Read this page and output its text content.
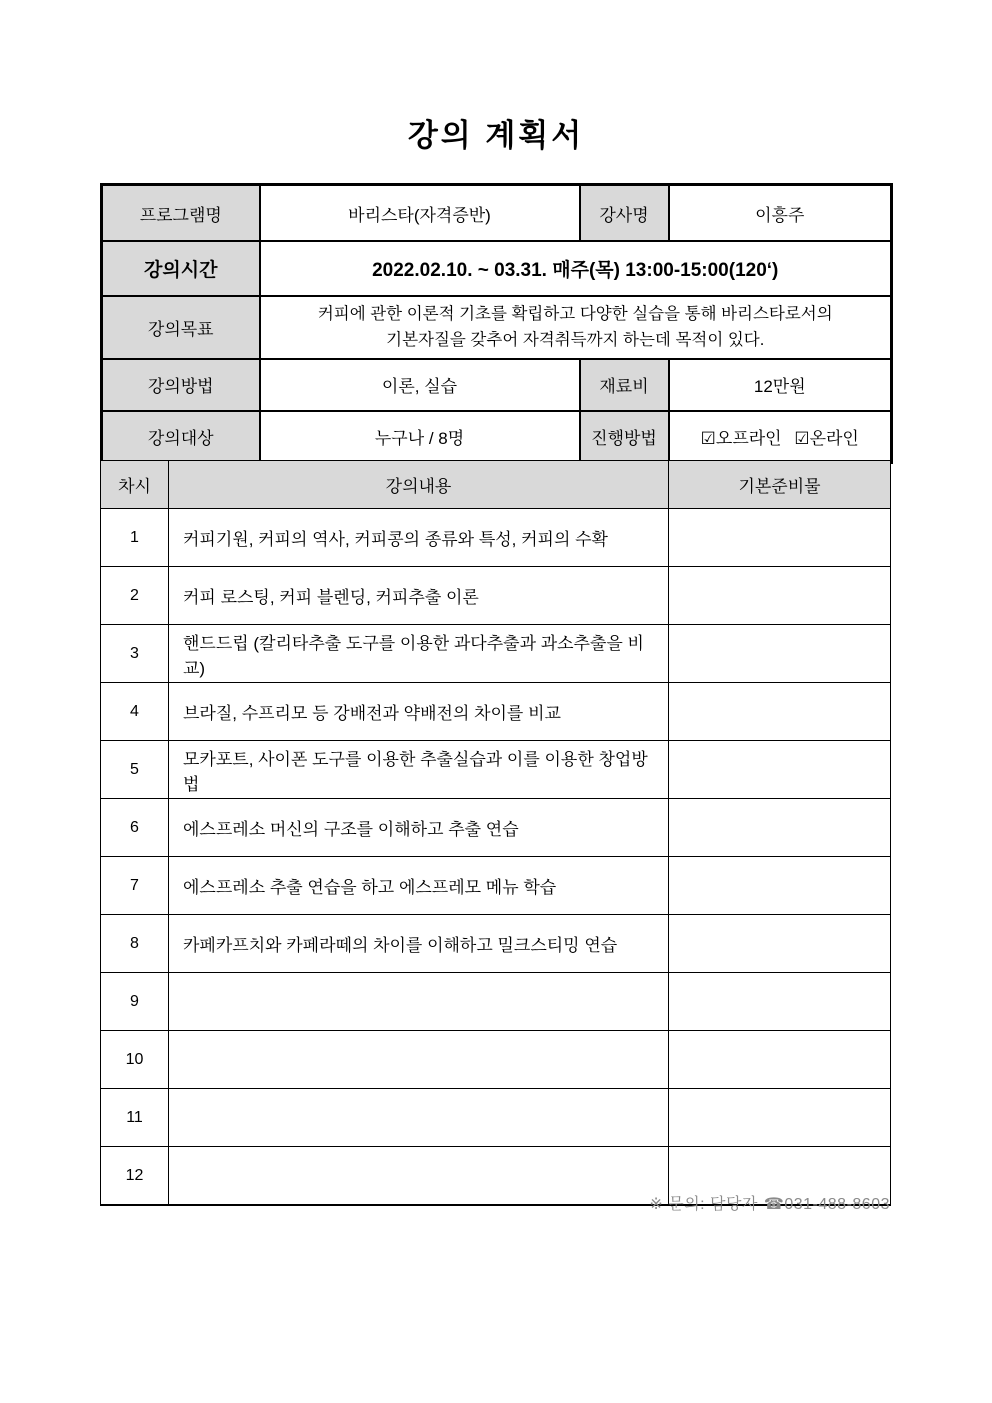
강의 계획서
프로그램명	바리스타(자격증반)	강사명	이흥주
강의시간	2022.02.10. ~ 03.31. 매주(목) 13:00-15:00(120‘)		
강의목표	커피에 관한 이론적 기초를 확립하고 다양한 실습을 통해 바리스타로서의
기본자질을 갖추어 자격취득까지 하는데 목적이 있다.		

강의방법	이론, 실습	재료비	12만원
강의대상	누구나 / 8명	진행방법	☑오프라인 ☑온라인
차시	강의내용	기본준비물
1	커피기원, 커피의 역사, 커피콩의 종류와 특성, 커피의 수확	
2	커피 로스팅, 커피 블렌딩, 커피추출 이론	
3	핸드드립 (칼리타추출 도구를 이용한 과다추출과 과소추출을 비교)	
4	브라질, 수프리모 등 강배전과 약배전의 차이를 비교	
5	모카포트, 사이폰 도구를 이용한 추출실습과 이를 이용한 창업방법	
6	에스프레소 머신의 구조를 이해하고 추출 연습	
7	에스프레소 추출 연습을 하고 에스프레모 메뉴 학습	
8	카페카프치와 카페라떼의 차이를 이해하고 밀크스티밍 연습	
9		
10		
11		
12		
※ 문의: 담당자 ☎031-488-8603
